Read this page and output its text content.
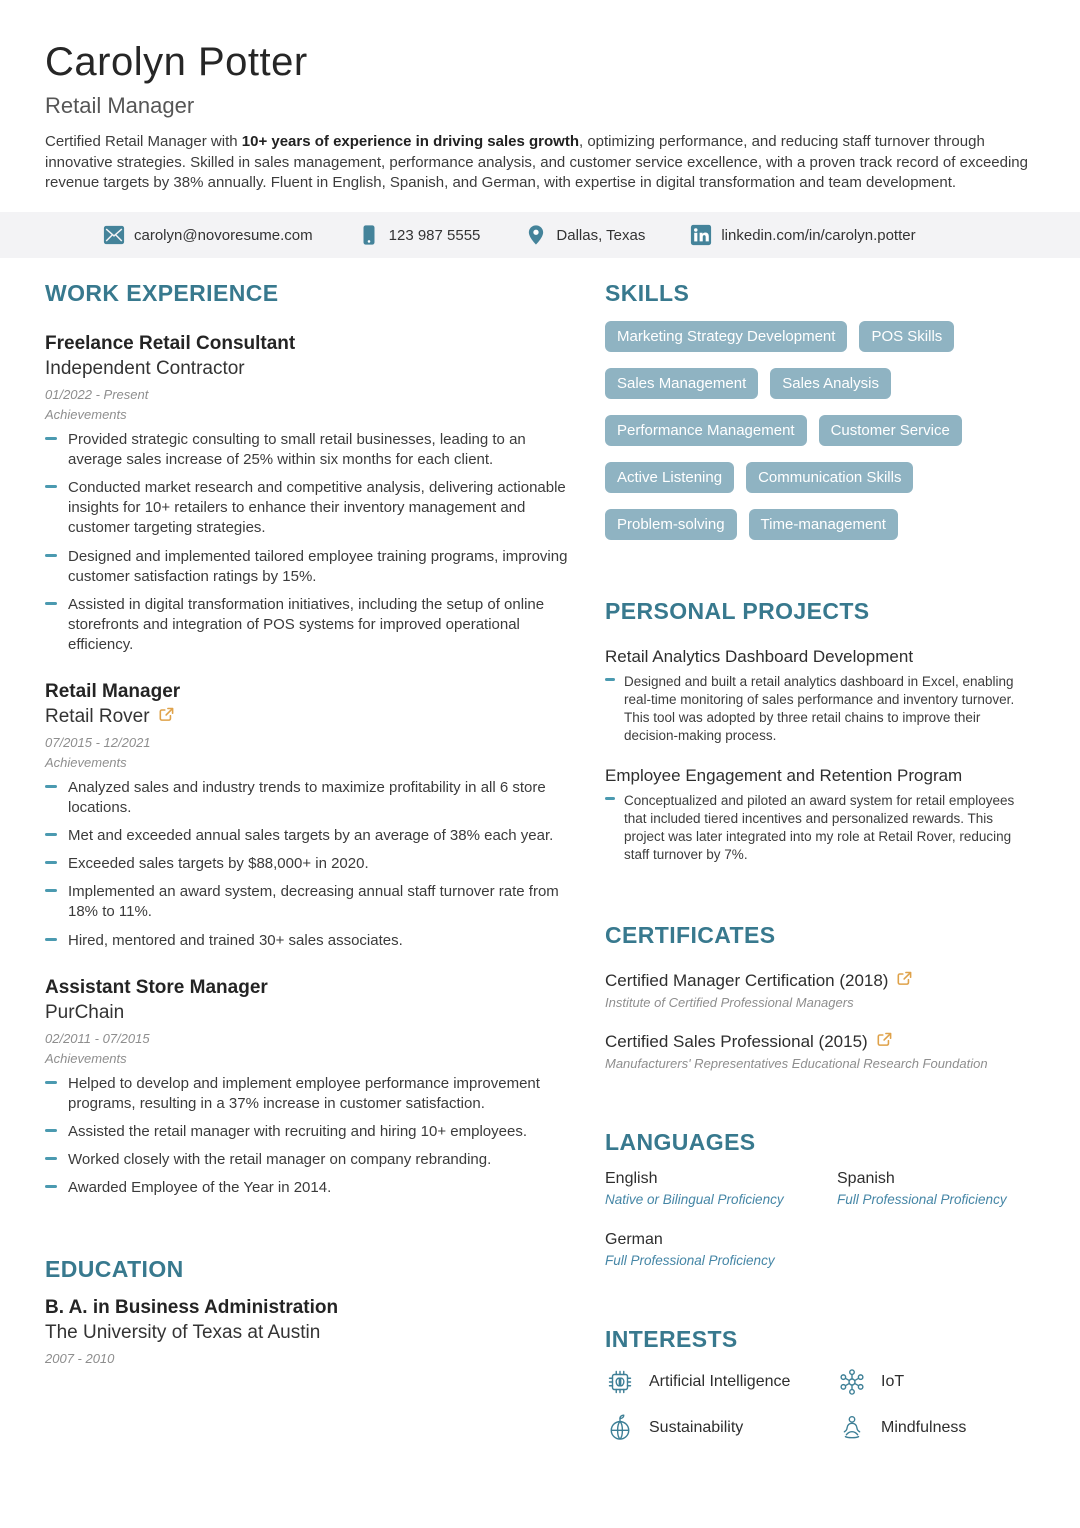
Carolyn Potter
Retail Manager
Certified Retail Manager with 10+ years of experience in driving sales growth, optimizing performance, and reducing staff turnover through innovative strategies. Skilled in sales management, performance analysis, and customer service excellence, with a proven track record of exceeding revenue targets by 38% annually. Fluent in English, Spanish, and German, with expertise in digital transformation and team development.
carolyn@novoresume.com	123 987 5555	Dallas, Texas	linkedin.com/in/carolyn.potter
WORK EXPERIENCE
Freelance Retail Consultant
Independent Contractor
01/2022 - Present
Achievements
Provided strategic consulting to small retail businesses, leading to an average sales increase of 25% within six months for each client.
Conducted market research and competitive analysis, delivering actionable insights for 10+ retailers to enhance their inventory management and customer targeting strategies.
Designed and implemented tailored employee training programs, improving customer satisfaction ratings by 15%.
Assisted in digital transformation initiatives, including the setup of online storefronts and integration of POS systems for improved operational efficiency.
Retail Manager
Retail Rover
07/2015 - 12/2021
Achievements
Analyzed sales and industry trends to maximize profitability in all 6 store locations.
Met and exceeded annual sales targets by an average of 38% each year.
Exceeded sales targets by $88,000+ in 2020.
Implemented an award system, decreasing annual staff turnover rate from 18% to 11%.
Hired, mentored and trained 30+ sales associates.
Assistant Store Manager
PurChain
02/2011 - 07/2015
Achievements
Helped to develop and implement employee performance improvement programs, resulting in a 37% increase in customer satisfaction.
Assisted the retail manager with recruiting and hiring 10+ employees.
Worked closely with the retail manager on company rebranding.
Awarded Employee of the Year in 2014.
EDUCATION
B. A. in Business Administration
The University of Texas at Austin
2007 - 2010
SKILLS
Marketing Strategy Development	POS Skills
Sales Management	Sales Analysis
Performance Management	Customer Service
Active Listening	Communication Skills
Problem-solving	Time-management
PERSONAL PROJECTS
Retail Analytics Dashboard Development
Designed and built a retail analytics dashboard in Excel, enabling real-time monitoring of sales performance and inventory turnover. This tool was adopted by three retail chains to improve their decision-making process.
Employee Engagement and Retention Program
Conceptualized and piloted an award system for retail employees that included tiered incentives and personalized rewards. This project was later integrated into my role at Retail Rover, reducing staff turnover by 7%.
CERTIFICATES
Certified Manager Certification (2018)
Institute of Certified Professional Managers
Certified Sales Professional (2015)
Manufacturers' Representatives Educational Research Foundation
LANGUAGES
English
Native or Bilingual Proficiency
Spanish
Full Professional Proficiency
German
Full Professional Proficiency
INTERESTS
Artificial Intelligence	IoT
Sustainability	Mindfulness
